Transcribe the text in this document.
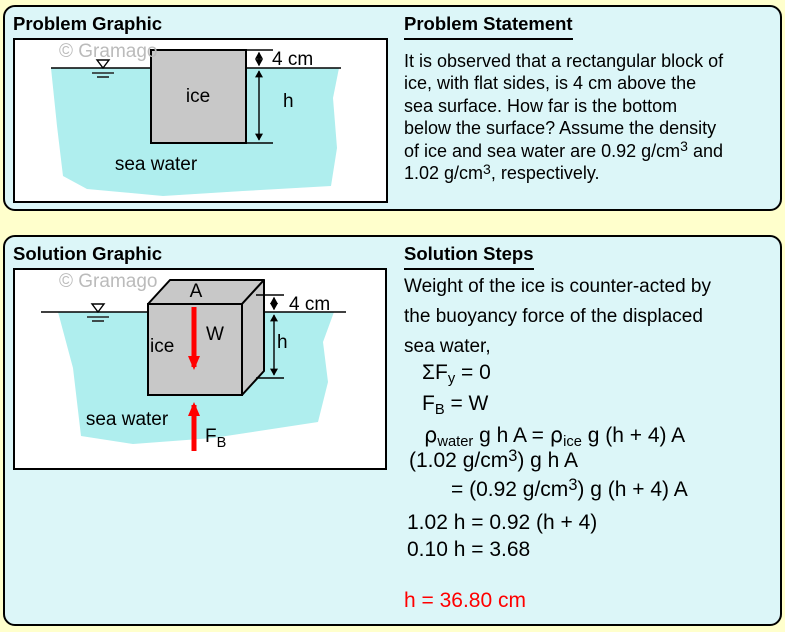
Problem Graphic	Problem Statement
4 cm
h
ice
sea water
© Gramago	It is observed that a rectangular block of
ice, with flat sides, is 4 cm above the
sea surface. How far is the bottom
below the surface? Assume the density
of ice and sea water are 0.92 $g/cm^3$ and
1.02 $g/cm^3$, respectively.
Solution Graphic	Solution Steps
A
W
ice
$F_B$
sea water
4 cm
h
© Gramago	Weight of the ice is counter-acted by
the buoyancy force of the displaced
sea water,
ΣFy = 0
FB = W
ρwater g h A = ρice g (h + 4) A
(1.02 $g/cm^3$) g h A
= (0.92 $g/cm^3$) g (h + 4) A
1.02 h = 0.92 (h + 4)
0.10 h = 3.68
h = 36.80 cm
